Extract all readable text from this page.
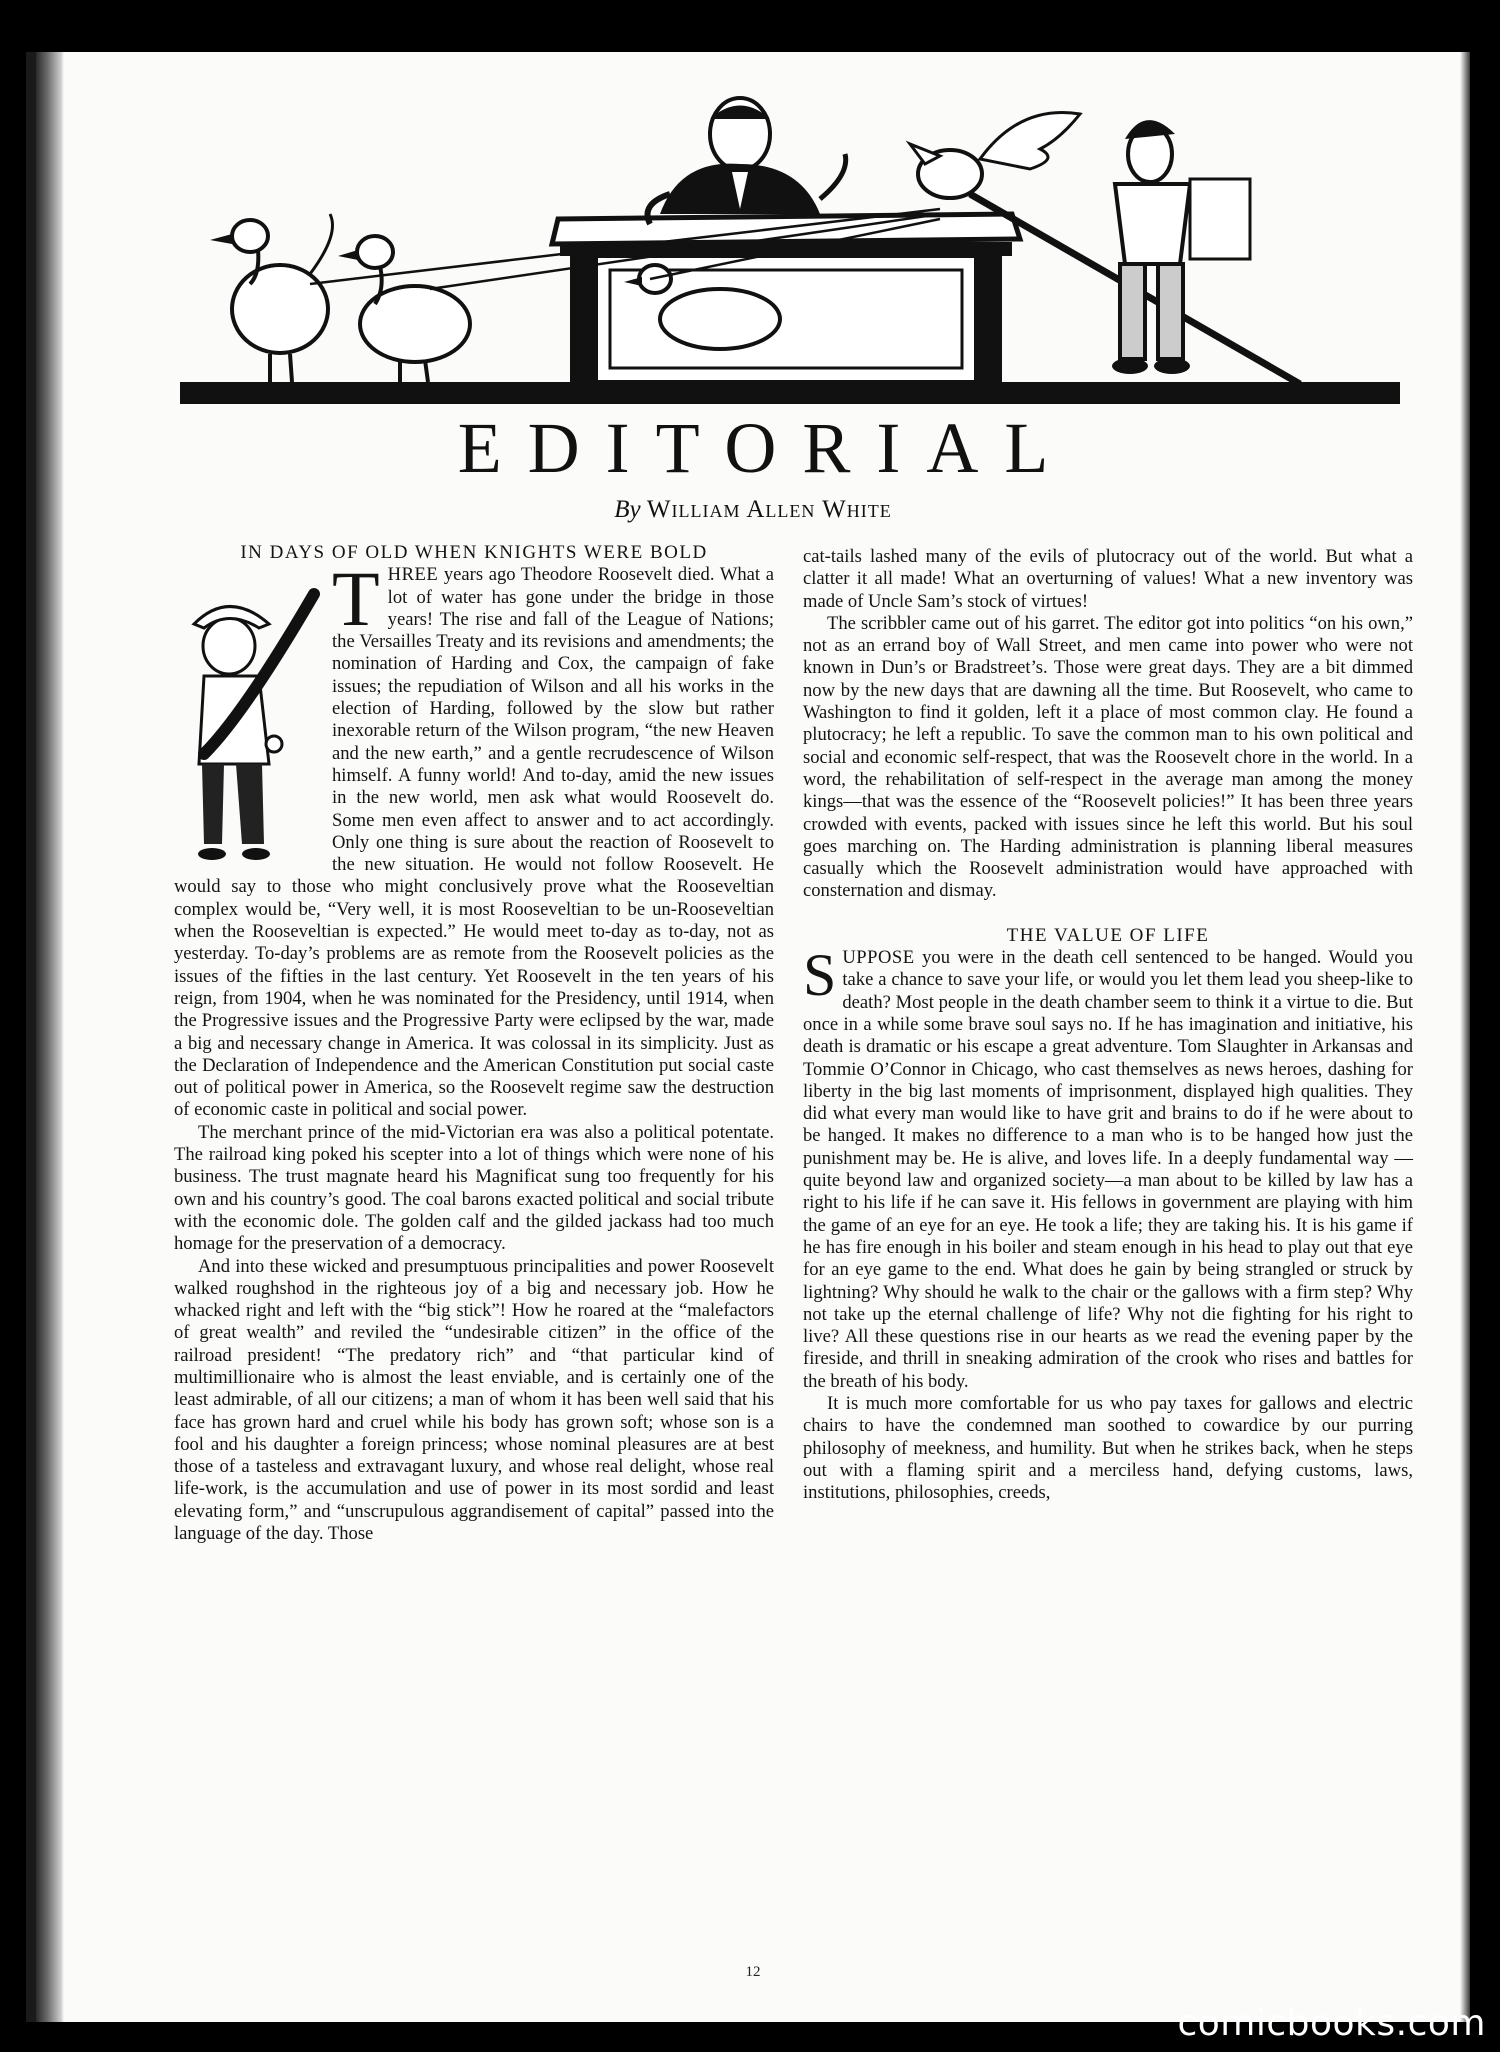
EDITORIAL
By William Allen White

IN DAYS OF OLD WHEN KNIGHTS WERE BOLD

THREE years ago Theodore Roosevelt died. What a lot of water has gone under the bridge in those years! The rise and fall of the League of Nations; the Versailles Treaty and its revisions and amendments; the nomination of Harding and Cox, the campaign of fake issues; the repudiation of Wilson and all his works in the election of Harding, followed by the slow but rather inexorable return of the Wilson program, “the new Heaven and the new earth,” and a gentle recrudescence of Wilson himself. A funny world! And to-day, amid the new issues in the new world, men ask what would Roosevelt do. Some men even affect to answer and to act accordingly. Only one thing is sure about the reaction of Roosevelt to the new situation. He would not follow Roosevelt. He would say to those who might conclusively prove what the Rooseveltian complex would be, “Very well, it is most Rooseveltian to be un-Rooseveltian when the Rooseveltian is expected.” He would meet to-day as to-day, not as yesterday. To-day’s problems are as remote from the Roosevelt policies as the issues of the fifties in the last century. Yet Roosevelt in the ten years of his reign, from 1904, when he was nominated for the Presidency, until 1914, when the Progressive issues and the Progressive Party were eclipsed by the war, made a big and necessary change in America. It was colossal in its simplicity. Just as the Declaration of Independence and the American Constitution put social caste out of political power in America, so the Roosevelt regime saw the destruction of economic caste in political and social power.

The merchant prince of the mid-Victorian era was also a political potentate. The railroad king poked his scepter into a lot of things which were none of his business. The trust magnate heard his Magnificat sung too frequently for his own and his country’s good. The coal barons exacted political and social tribute with the economic dole. The golden calf and the gilded jackass had too much homage for the preservation of a democracy.

And into these wicked and presumptuous principalities and power Roosevelt walked roughshod in the righteous joy of a big and necessary job. How he whacked right and left with the “big stick”! How he roared at the “malefactors of great wealth” and reviled the “undesirable citizen” in the office of the railroad president! “The predatory rich” and “that particular kind of multimillionaire who is almost the least enviable, and is certainly one of the least admirable, of all our citizens; a man of whom it has been well said that his face has grown hard and cruel while his body has grown soft; whose son is a fool and his daughter a foreign princess; whose nominal pleasures are at best those of a tasteless and extravagant luxury, and whose real delight, whose real life-work, is the accumulation and use of power in its most sordid and least elevating form,” and “unscrupulous aggrandisement of capital” passed into the language of the day. Those

cat-tails lashed many of the evils of plutocracy out of the world. But what a clatter it all made! What an overturning of values! What a new inventory was made of Uncle Sam’s stock of virtues!

The scribbler came out of his garret. The editor got into politics “on his own,” not as an errand boy of Wall Street, and men came into power who were not known in Dun’s or Bradstreet’s. Those were great days. They are a bit dimmed now by the new days that are dawning all the time. But Roosevelt, who came to Washington to find it golden, left it a place of most common clay. He found a plutocracy; he left a republic. To save the common man to his own political and social and economic self-respect, that was the Roosevelt chore in the world. In a word, the rehabilitation of self-respect in the average man among the money kings—that was the essence of the “Roosevelt policies!” It has been three years crowded with events, packed with issues since he left this world. But his soul goes marching on. The Harding administration is planning liberal measures casually which the Roosevelt administration would have approached with consternation and dismay.

THE VALUE OF LIFE

SUPPOSE you were in the death cell sentenced to be hanged. Would you take a chance to save your life, or would you let them lead you sheep-like to death? Most people in the death chamber seem to think it a virtue to die. But once in a while some brave soul says no. If he has imagination and initiative, his death is dramatic or his escape a great adventure. Tom Slaughter in Arkansas and Tommie O’Connor in Chicago, who cast themselves as news heroes, dashing for liberty in the big last moments of imprisonment, displayed high qualities. They did what every man would like to have grit and brains to do if he were about to be hanged. It makes no difference to a man who is to be hanged how just the punishment may be. He is alive, and loves life. In a deeply fundamental way — quite beyond law and organized society—a man about to be killed by law has a right to his life if he can save it. His fellows in government are playing with him the game of an eye for an eye. He took a life; they are taking his. It is his game if he has fire enough in his boiler and steam enough in his head to play out that eye for an eye game to the end. What does he gain by being strangled or struck by lightning? Why should he walk to the chair or the gallows with a firm step? Why not take up the eternal challenge of life? Why not die fighting for his right to live? All these questions rise in our hearts as we read the evening paper by the fireside, and thrill in sneaking admiration of the crook who rises and battles for the breath of his body.

It is much more comfortable for us who pay taxes for gallows and electric chairs to have the condemned man soothed to cowardice by our purring philosophy of meekness, and humility. But when he strikes back, when he steps out with a flaming spirit and a merciless hand, defying customs, laws, institutions, philosophies, creeds,

12
comicbooks.com
